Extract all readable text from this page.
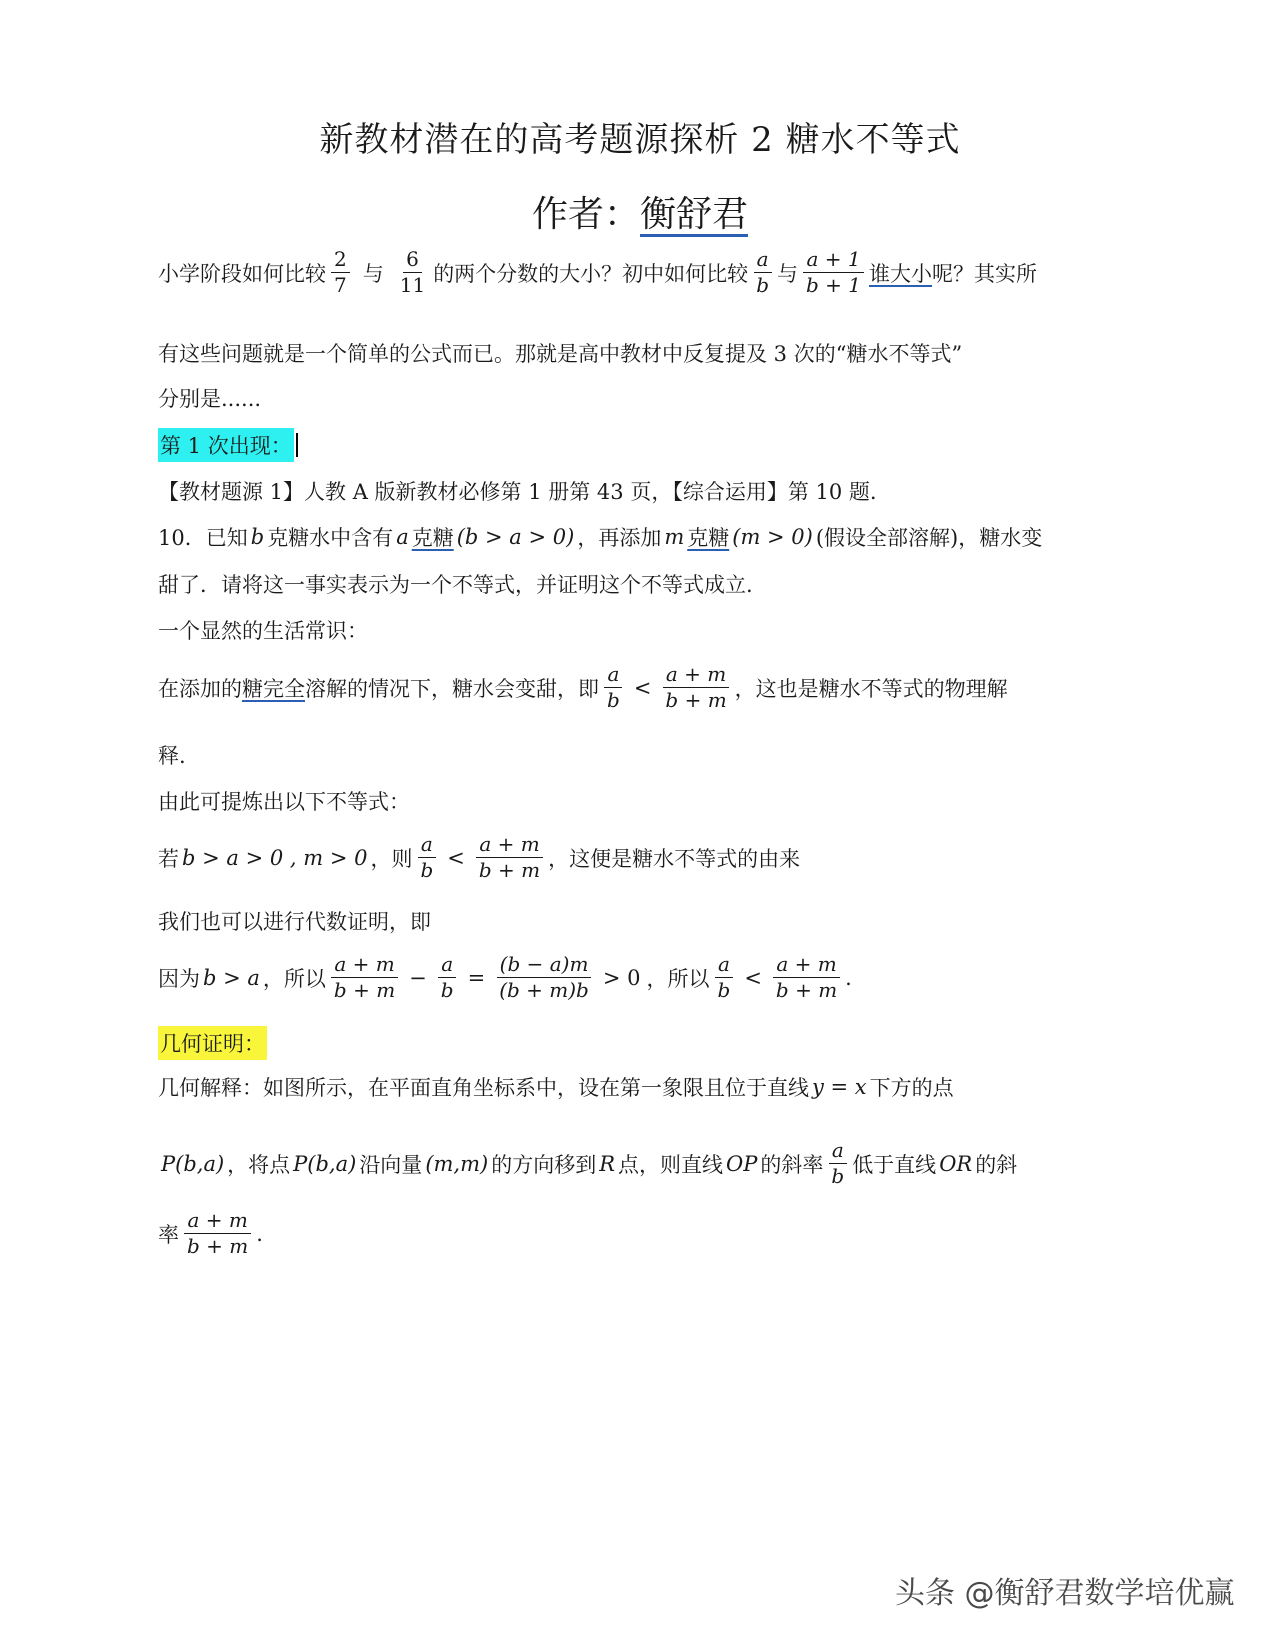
新教材潜在的高考题源探析 2 糖水不等式
作者：衡舒君
小学阶段如何比较 $\frac{2}{7}$ 与 $\frac{6}{11}$ 的两个分数的大小？初中如何比较 $\frac{a}{b}$ 与 $\frac{a + 1}{b + 1}$ 谁大小 呢？其实所
有这些问题就是一个简单的公式而已。那就是高中教材中反复提及 3 次的“糖水不等式”
分别是......
第 1 次出现：
【教材题源 1】人教 A 版新教材必修第 1 册第 43 页，【综合运用】第 10 题.
10．已知 b 克糖水中含有 a 克糖 (b > a > 0) ，再添加 m 克糖 (m > 0) (假设全部溶解)，糖水变
甜了．请将这一事实表示为一个不等式，并证明这个不等式成立.
一个显然的生活常识：
在添加的 糖完全 溶解的情况下，糖水会变甜，即 $\frac{a}{b} < \frac{a + m}{b + m}$ ，这也是糖水不等式的物理解
释.
由此可提炼出以下不等式：
若 b > a > 0 , m > 0 ，则 $\frac{a}{b} < \frac{a + m}{b + m}$ ，这便是糖水不等式的由来
我们也可以进行代数证明，即
因为 b > a ，所以 $\frac{a + m}{b + m} - \frac{a}{b} = \frac{(b - a)m}{(b + m)b} > 0$ ，所以 $\frac{a}{b} < \frac{a + m}{b + m}$ .
几何证明：
几何解释：如图所示，在平面直角坐标系中，设在第一象限且位于直线 y = x 下方的点
P(b,a) ，将点 P(b,a) 沿向量 (m,m) 的方向移到 R 点，则直线 OP 的斜率 $\frac{a}{b}$ 低于直线 OR 的斜
率 $\frac{a + m}{b + m}$ .
头条 @衡舒君数学培优赢
